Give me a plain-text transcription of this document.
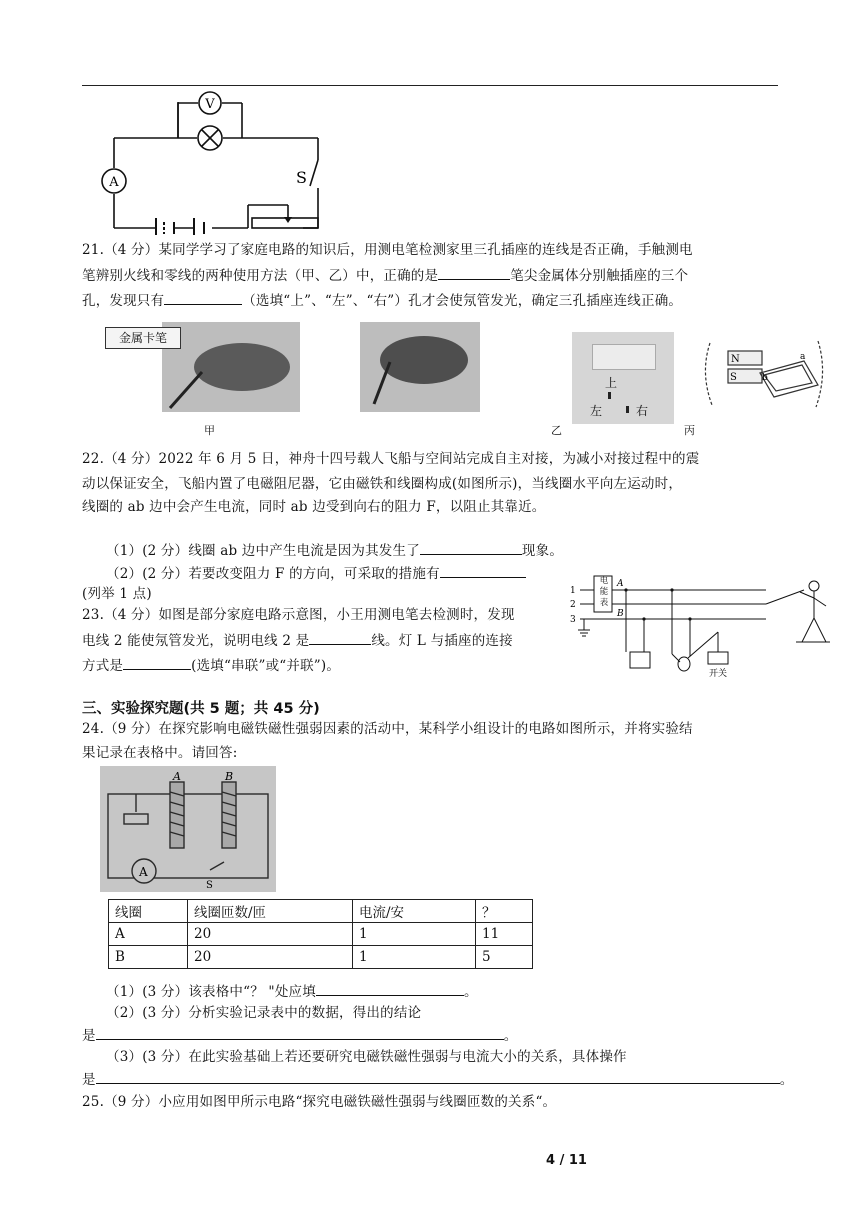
V
A	S
21.（4 分）某同学学习了家庭电路的知识后，用测电笔检测家里三孔插座的连线是否正确，手触测电
笔辨别火线和零线的两种使用方法（甲、乙）中，正确的是	笔尖金属体分别触插座的三个
孔，发现只有	（选填“上”、“左”、“右”）孔才会使氖管发光，确定三孔插座连线正确。
金属卡笔
甲
上
左	右
乙
N
S	b
a
丙
22.（4 分）2022 年 6 月 5 日，神舟十四号载人飞船与空间站完成自主对接，为减小对接过程中的震
动以保证安全，飞船内置了电磁阻尼器，它由磁铁和线圈构成(如图所示)，当线圈水平向左运动时，
线圈的 ab 边中会产生电流，同时 ab 边受到向右的阻力 F，以阻止其靠近。
（1）(2 分）线圈 ab 边中产生电流是因为其发生了	现象。
（2）(2 分）若要改变阻力 F 的方向，可采取的措施有
(列举 1 点)
23.（4 分）如图是部分家庭电路示意图，小王用测电笔去检测时，发现
电线 2 能使氖管发光，说明电线 2 是	线。灯 L 与插座的连接
方式是	(选填“串联”或“并联”)。
1
2
3
A
B
开关
电能表
三、实验探究题(共 5 题；共 45 分)
24.（9 分）在探究影响电磁铁磁性强弱因素的活动中，某科学小组设计的电路如图所示，并将实验结
果记录在表格中。请回答:
A	B
A
S
线圈	线圈匝数/匝	电流/安	？
A	20	1	11
B	20	1	5
（1）(3 分）该表格中“？ "处应填	。
（2）(3 分）分析实验记录表中的数据，得出的结论
是	。
（3）(3 分）在此实验基础上若还要研究电磁铁磁性强弱与电流大小的关系，具体操作
是	。
25.（9 分）小应用如图甲所示电路“探究电磁铁磁性强弱与线圈匝数的关系“。
4 / 11
